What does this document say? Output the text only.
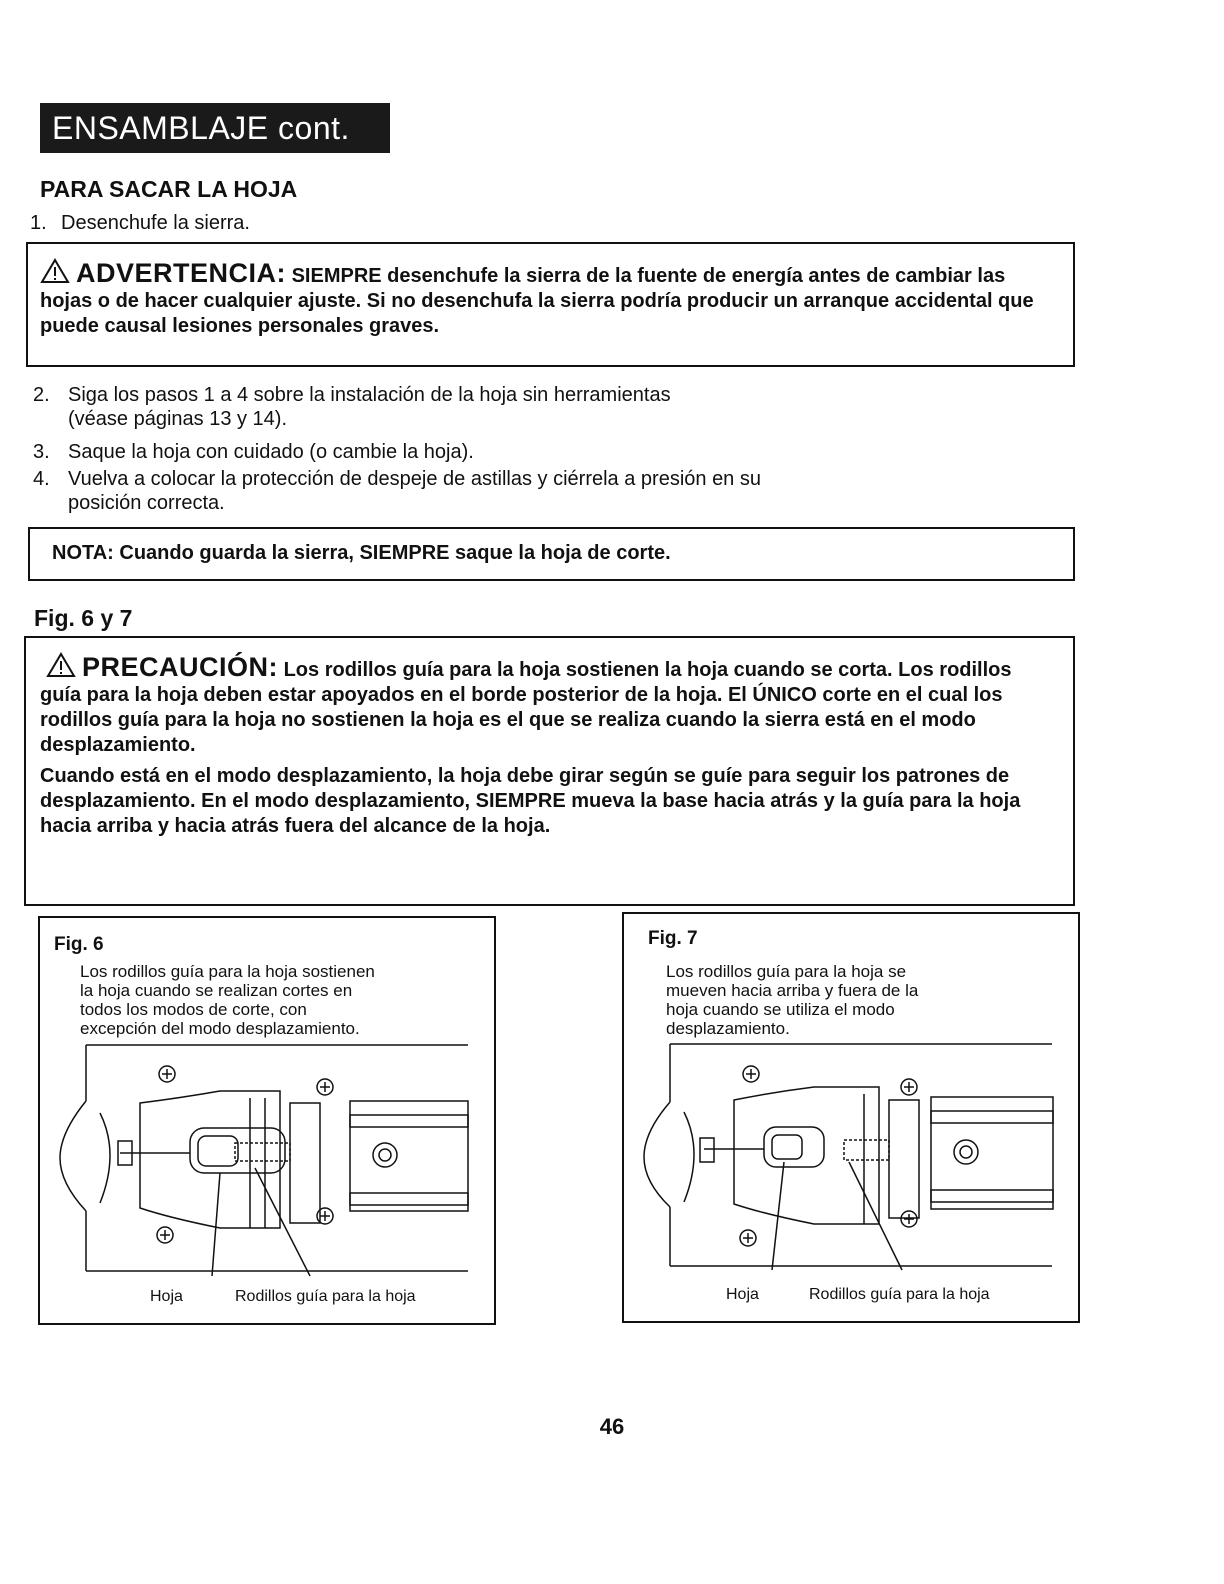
ENSAMBLAJE cont.
PARA SACAR LA HOJA
1. Desenchufe la sierra.
ADVERTENCIA: SIEMPRE desenchufe la sierra de la fuente de energía antes de cambiar las hojas o de hacer cualquier ajuste. Si no desenchufa la sierra podría producir un arranque accidental que puede causal lesiones personales graves.
2. Siga los pasos 1 a 4 sobre la instalación de la hoja sin herramientas
(véase páginas 13 y 14).
3. Saque la hoja con cuidado (o cambie la hoja).
4. Vuelva a colocar la protección de despeje de astillas y ciérrela a presión en su
posición correcta.
NOTA: Cuando guarda la sierra, SIEMPRE saque la hoja de corte.
Fig. 6 y 7

PRECAUCIÓN: Los rodillos guía para la hoja sostienen la hoja cuando se corta. Los rodillos guía para la hoja deben estar apoyados en el borde posterior de la hoja. El ÚNICO corte en el cual los rodillos guía para la hoja no sostienen la hoja es el que se realiza cuando la sierra está en el modo desplazamiento.

Cuando está en el modo desplazamiento, la hoja debe girar según se guíe para seguir los patrones de desplazamiento. En el modo desplazamiento, SIEMPRE mueva la base hacia atrás y la guía para la hoja hacia arriba y hacia atrás fuera del alcance de la hoja.

Fig. 6
Los rodillos guía para la hoja sostienen
la hoja cuando se realizan cortes en
todos los modos de corte, con
excepción del modo desplazamiento.
Hoja	Rodillos guía para la hoja
Fig. 7
Los rodillos guía para la hoja se
mueven hacia arriba y fuera de la
hoja cuando se utiliza el modo
desplazamiento.
Hoja	Rodillos guía para la hoja
46
